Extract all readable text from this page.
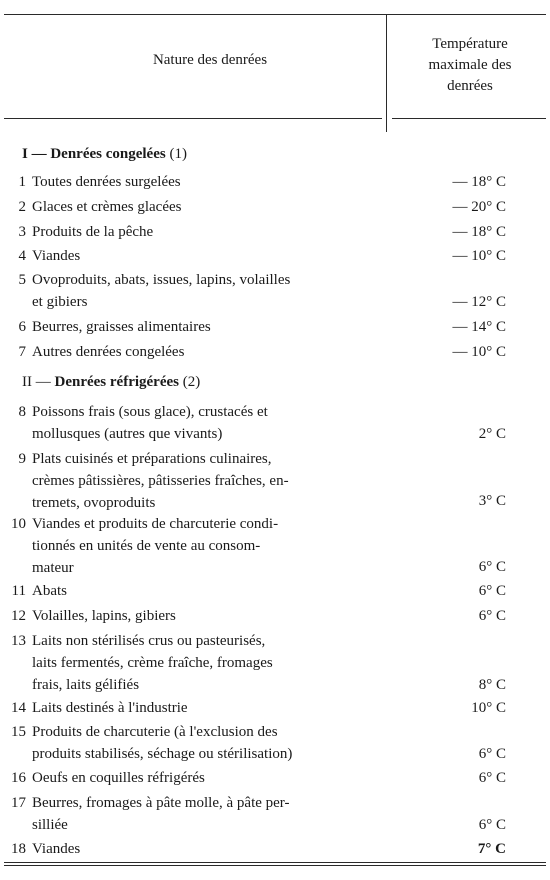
Nature des denrées
Température
maximale des
denrées
I — Denrées congelées (1)
1 Toutes denrées surgelées	— 18° C
2 Glaces et crèmes glacées	— 20° C
3 Produits de la pêche	— 18° C
4 Viandes	— 10° C
5 Ovoproduits, abats, issues, lapins, volailles
et gibiers	— 12° C
6 Beurres, graisses alimentaires	— 14° C
7 Autres denrées congelées	— 10° C
II — Denrées réfrigérées (2)
8 Poissons frais (sous glace), crustacés et
mollusques (autres que vivants)	2° C
9 Plats cuisinés et préparations culinaires,
crèmes pâtissières, pâtisseries fraîches, en-
tremets, ovoproduits	3° C
10 Viandes et produits de charcuterie condi-
tionnés en unités de vente au consom-
mateur	6° C
11 Abats	6° C
12 Volailles, lapins, gibiers	6° C
13 Laits non stérilisés crus ou pasteurisés,
laits fermentés, crème fraîche, fromages
frais, laits gélifiés	8° C
14 Laits destinés à l'industrie	10° C
15 Produits de charcuterie (à l'exclusion des
produits stabilisés, séchage ou stérilisation)	6° C
16 Oeufs en coquilles réfrigérés	6° C
17 Beurres, fromages à pâte molle, à pâte per-
silliée	6° C
18 Viandes	7° C
